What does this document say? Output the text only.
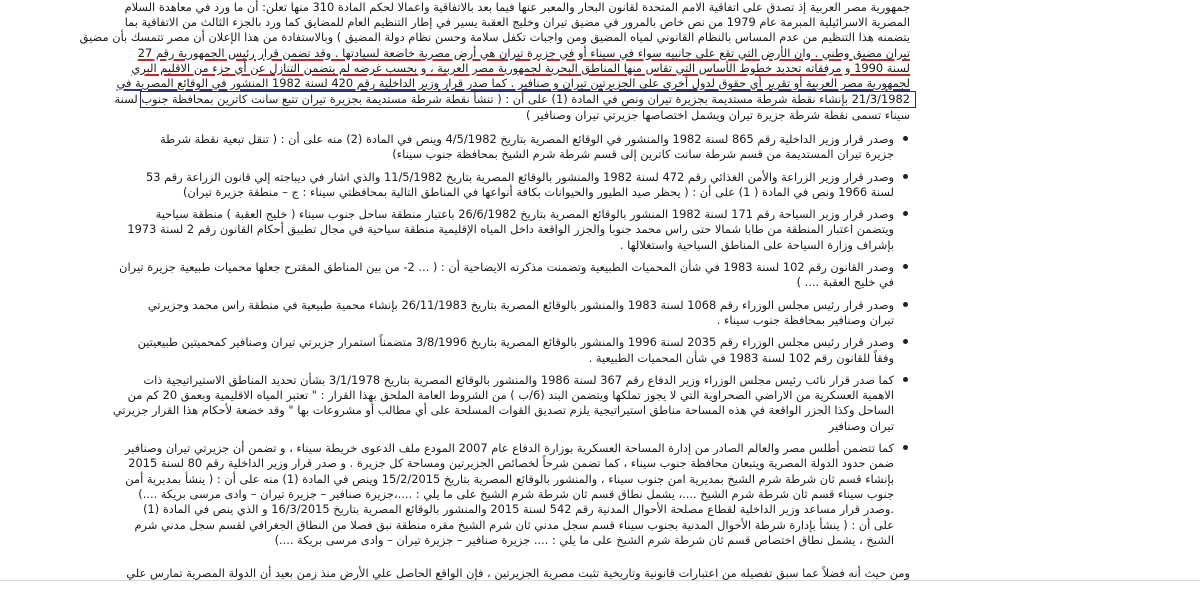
جمهورية مصر العربية إذ تصدق على اتفاقية الامم المتحدة لقانون البحار والمعبر عنها فيما بعد بالاتفاقية واعمالا لحكم المادة 310 منها تعلن: أن ما ورد في معاهدة السلام
المصرية الاسرائيلية المبرمة عام 1979 من نص خاص بالمرور في مضيق تيران وخليج العقبة يسير في إطار التنظيم العام للمضايق كما ورد بالجزء الثالث من الاتفاقية بما
يتضمنه هذا التنظيم من عدم المساس بالنظام القانوني لمياه المضيق ومن واجبات تكفل سلامة وحسن نظام دولة المضيق ) وبالاستفادة من هذا الإعلان أن مصر تتمسك بأن مضيق
تيران مضيق وطني . وان الأرض التي تقع على جانبيه سواء في سيناء أو في جزيرة تيران هي أرض مصرية خاضعة لسيادتها . وقد تضمن قرار رئيس الجمهورية رقم 27
لسنة 1990 و مرفقاته تحديد خطوط الأساس التي تقاس منها المناطق البحرية لجمهورية مصر العربية ، و بحسب غرضه لم يتضمن التنازل عن أي جزء من الاقليم البري
لجمهورية مصر العربية أو تقرير أي حقوق لدول أخرى على الجزيرتين تيران و صنافير . كما صدر قرار وزير الداخلية رقم 420 لسنة 1982 المنشور في الوقائع المصرية في
21/3/1982 بإنشاء نقطة شرطة مستديمة بجزيرة تيران ونص في المادة (1) على أن : ( تنشأ نقطة شرطة مستديمة بجزيرة تيران تتبع سانت كاترين بمحافظة جنوب لسنة
سيناء تسمى نقطة شرطة جزيرة تيران ويشمل اختصاصها جزيرتي تيران وصنافير )
وصدر قرار وزير الداخلية رقم 865 لسنة 1982 والمنشور في الوقائع المصرية بتاريخ 4/5/1982 وينص في المادة (2) منه على أن : ( تنقل تبعية نقطة شرطة
جزيرة تيران المستديمة من قسم شرطة سانت كاترين إلى قسم شرطة شرم الشيخ بمحافظة جنوب سيناء)
وصدر قرار وزير الزراعة والأمن الغذائي رقم 472 لسنة 1982 والمنشور بالوقائع المصرية بتاريخ 11/5/1982 والذي اشار في ديباجته إلي قانون الزراعة رقم 53
لسنة 1966 ونص في المادة ( 1) على أن : ( يحظر صيد الطيور والحيوانات بكافة أنواعها في المناطق التالية بمحافظتي سيناء : ج – منطقة جزيرة تيران)
وصدر قرار وزير السياحة رقم 171 لسنة 1982 المنشور بالوقائع المصرية بتاريخ 26/6/1982 باعتبار منطقة ساحل جنوب سيناء ( خليج العقبة ) منطقة سياحية
ويتضمن اعتبار المنطقة من طابا شمالا حتى راس محمد جنوبا والجزر الواقعة داخل المياه الإقليمية منطقة سياحية في مجال تطبيق أحكام القانون رقم 2 لسنة 1973
بإشراف وزارة السياحة على المناطق السياحية واستغلالها .
وصدر القانون رقم 102 لسنة 1983 في شأن المحميات الطبيعية وتضمنت مذكرته الايضاحية أن : ( ... 2- من بين المناطق المقترح جعلها محميات طبيعية جزيرة تيران
في خليج العقبة .... )
وصدر قرار رئيس مجلس الوزراء رقم 1068 لسنة 1983 والمنشور بالوقائع المصرية بتاريخ 26/11/1983 بإنشاء محمية طبيعية في منطقة راس محمد وجزيرتي
تيران وصنافير بمحافظة جنوب سيناء .
وصدر قرار رئيس مجلس الوزراء رقم 2035 لسنة 1996 والمنشور بالوقائع المصرية بتاريخ 3/8/1996 متضمناً استمرار جزيرتي تيران وصنافير كمحميتين طبيعيتين
وفقاً للقانون رقم 102 لسنة 1983 في شأن المحميات الطبيعية .
كما صدر قرار نائب رئيس مجلس الوزراء وزير الدفاع رقم 367 لسنة 1986 والمنشور بالوقائع المصرية بتاريخ 3/1/1978 بشأن تحديد المناطق الاستيراتيجية ذات
الاهمية العسكرية من الاراضي الصحراوية التي لا يجوز تملكها ويتضمن البند (6/ب ) من الشروط العامة الملحق بهذا القرار : " تعتبر المياه الاقليمية وبعمق 20 كم من
الساحل وكذا الجزر الواقعة في هذه المساحة مناطق استيراتيجية يلزم تصديق القوات المسلحة على أي مطالب أو مشروعات بها " وقد خضعة لأحكام هذا القرار جزيرتي
تيران وصنافير
كما تتضمن أطلس مصر والعالم الصادر من إدارة المساحة العسكرية بوزارة الدفاع عام 2007 المودع ملف الدعوى خريطة سيناء ، و تضمن أن جزيرتي تيران وصنافير
ضمن حدود الدولة المصرية ويتبعان محافظة جنوب سيناء ، كما تضمن شرحاً لخصائص الجزيرتين ومساحة كل جزيرة . و صدر قرار وزير الداخلية رقم 80 لسنة 2015
بإنشاء قسم ثان شرطة شرم الشيخ بمديرية امن جنوب سيناء ، والمنشور بالوقائع المصرية بتاريخ 15/2/2015 وينص في المادة (1) منه على أن : ( ينشأ بمديرية أمن
جنوب سيناء قسم ثان شرطة شرم الشيخ ....، يشمل نطاق قسم ثان شرطة شرم الشيخ على ما يلي : ....،جزيرة صنافير – جزيرة تيران – وادى مرسى بريكة ....)
.وصدر قرار مساعد وزير الداخلية لقطاع مصلحة الأحوال المدنية رقم 542 لسنة 2015 والمنشور بالوقائع المصرية بتاريخ 16/3/2015 و الذي ينص في المادة (1)
على أن : ( ينشأ بإدارة شرطة الأحوال المدنية بجنوب سيناء قسم سجل مدني ثان شرم الشيخ مقره منطقة نبق فصلا من النطاق الجغرافي لقسم سجل مدني شرم
الشيخ ، يشمل نطاق اختصاص قسم ثان شرطة شرم الشيخ على ما يلي : .... جزيرة صنافير – جزيرة تيران – وادى مرسى بريكة ....)
ومن حيث أنه فضلاً عما سبق تفصيله من اعتبارات قانونية وتاريخية تثبت مصرية الجزيرتين ، فإن الواقع الحاصل علي الأرض منذ زمن بعيد أن الدولة المصرية تمارس علي
